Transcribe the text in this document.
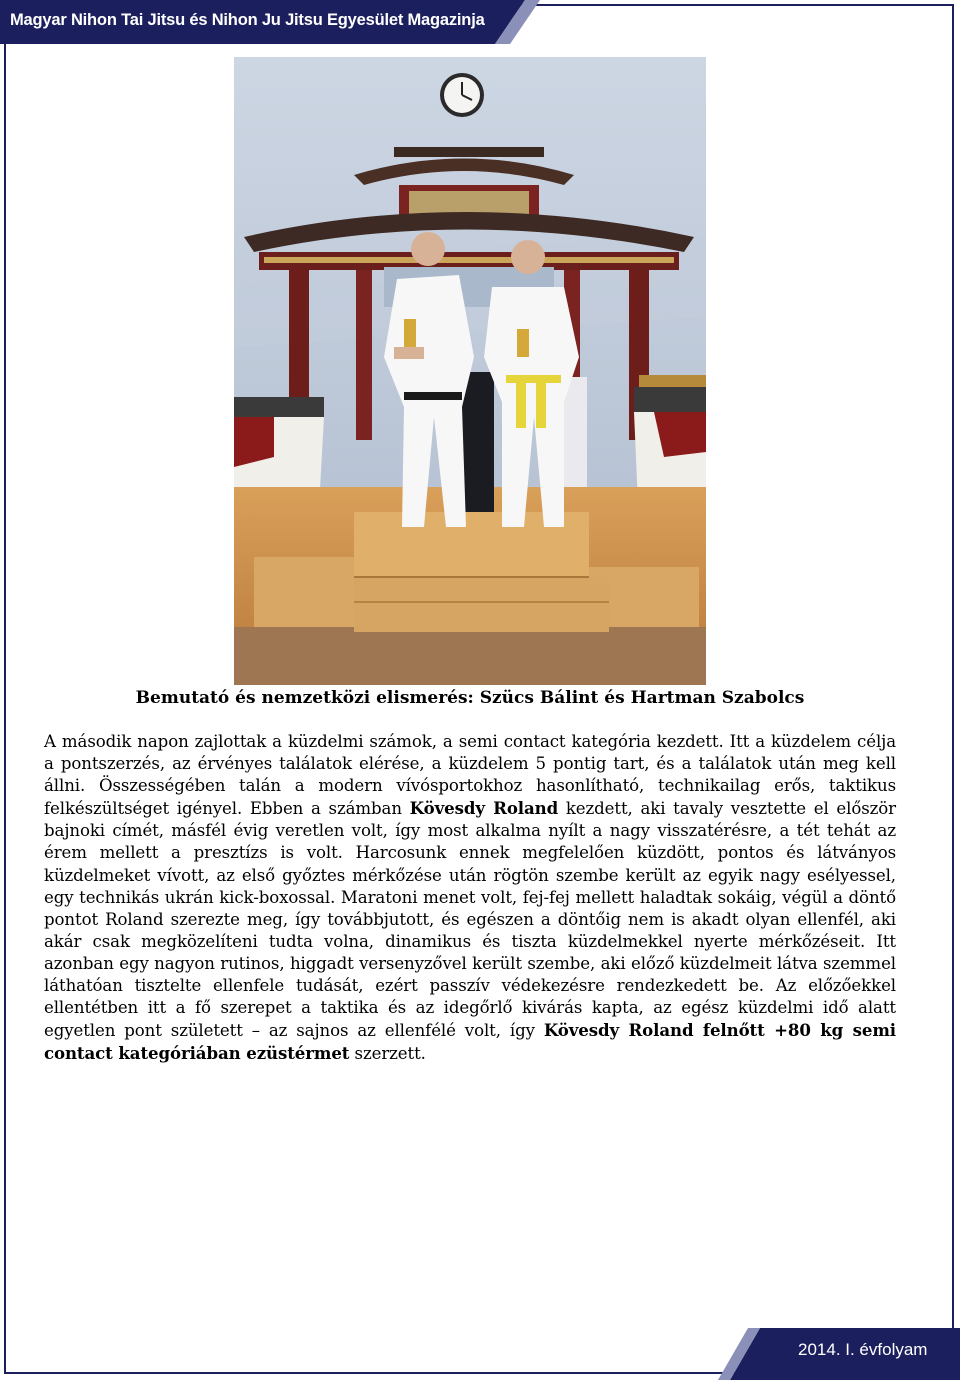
Magyar Nihon Tai Jitsu és Nihon Ju Jitsu Egyesület Magazinja
2014. I. évfolyam
Bemutató és nemzetközi elismerés: Szücs Bálint és Hartman Szabolcs
A második napon zajlottak a küzdelmi számok, a semi contact kategória kezdett. Itt a küzdelem célja a pontszerzés, az érvényes találatok elérése, a küzdelem 5 pontig tart, és a találatok után meg kell állni. Összességében talán a modern vívósportokhoz hasonlítható, technikailag erős, taktikus felkészültséget igényel. Ebben a számban Kövesdy Roland kezdett, aki tavaly vesztette el először bajnoki címét, másfél évig veretlen volt, így most alkalma nyílt a nagy visszatérésre, a tét tehát az érem mellett a presztízs is volt. Harcosunk ennek megfelelően küzdött, pontos és látványos küzdelmeket vívott, az első győztes mérkőzése után rögtön szembe került az egyik nagy esélyessel, egy technikás ukrán kick-boxossal. Maratoni menet volt, fej-fej mellett haladtak sokáig, végül a döntő pontot Roland szerezte meg, így továbbjutott, és egészen a döntőig nem is akadt olyan ellenfél, aki akár csak megközelíteni tudta volna, dinamikus és tiszta küzdelmekkel nyerte mérkőzéseit. Itt azonban egy nagyon rutinos, higgadt versenyzővel került szembe, aki előző küzdelmeit látva szemmel láthatóan tisztelte ellenfele tudását, ezért passzív védekezésre rendezkedett be. Az előzőekkel ellentétben itt a fő szerepet a taktika és az idegőrlő kivárás kapta, az egész küzdelmi idő alatt egyetlen pont született – az sajnos az ellenfélé volt, így Kövesdy Roland felnőtt +80 kg semi contact kategóriában ezüstérmet szerzett.
